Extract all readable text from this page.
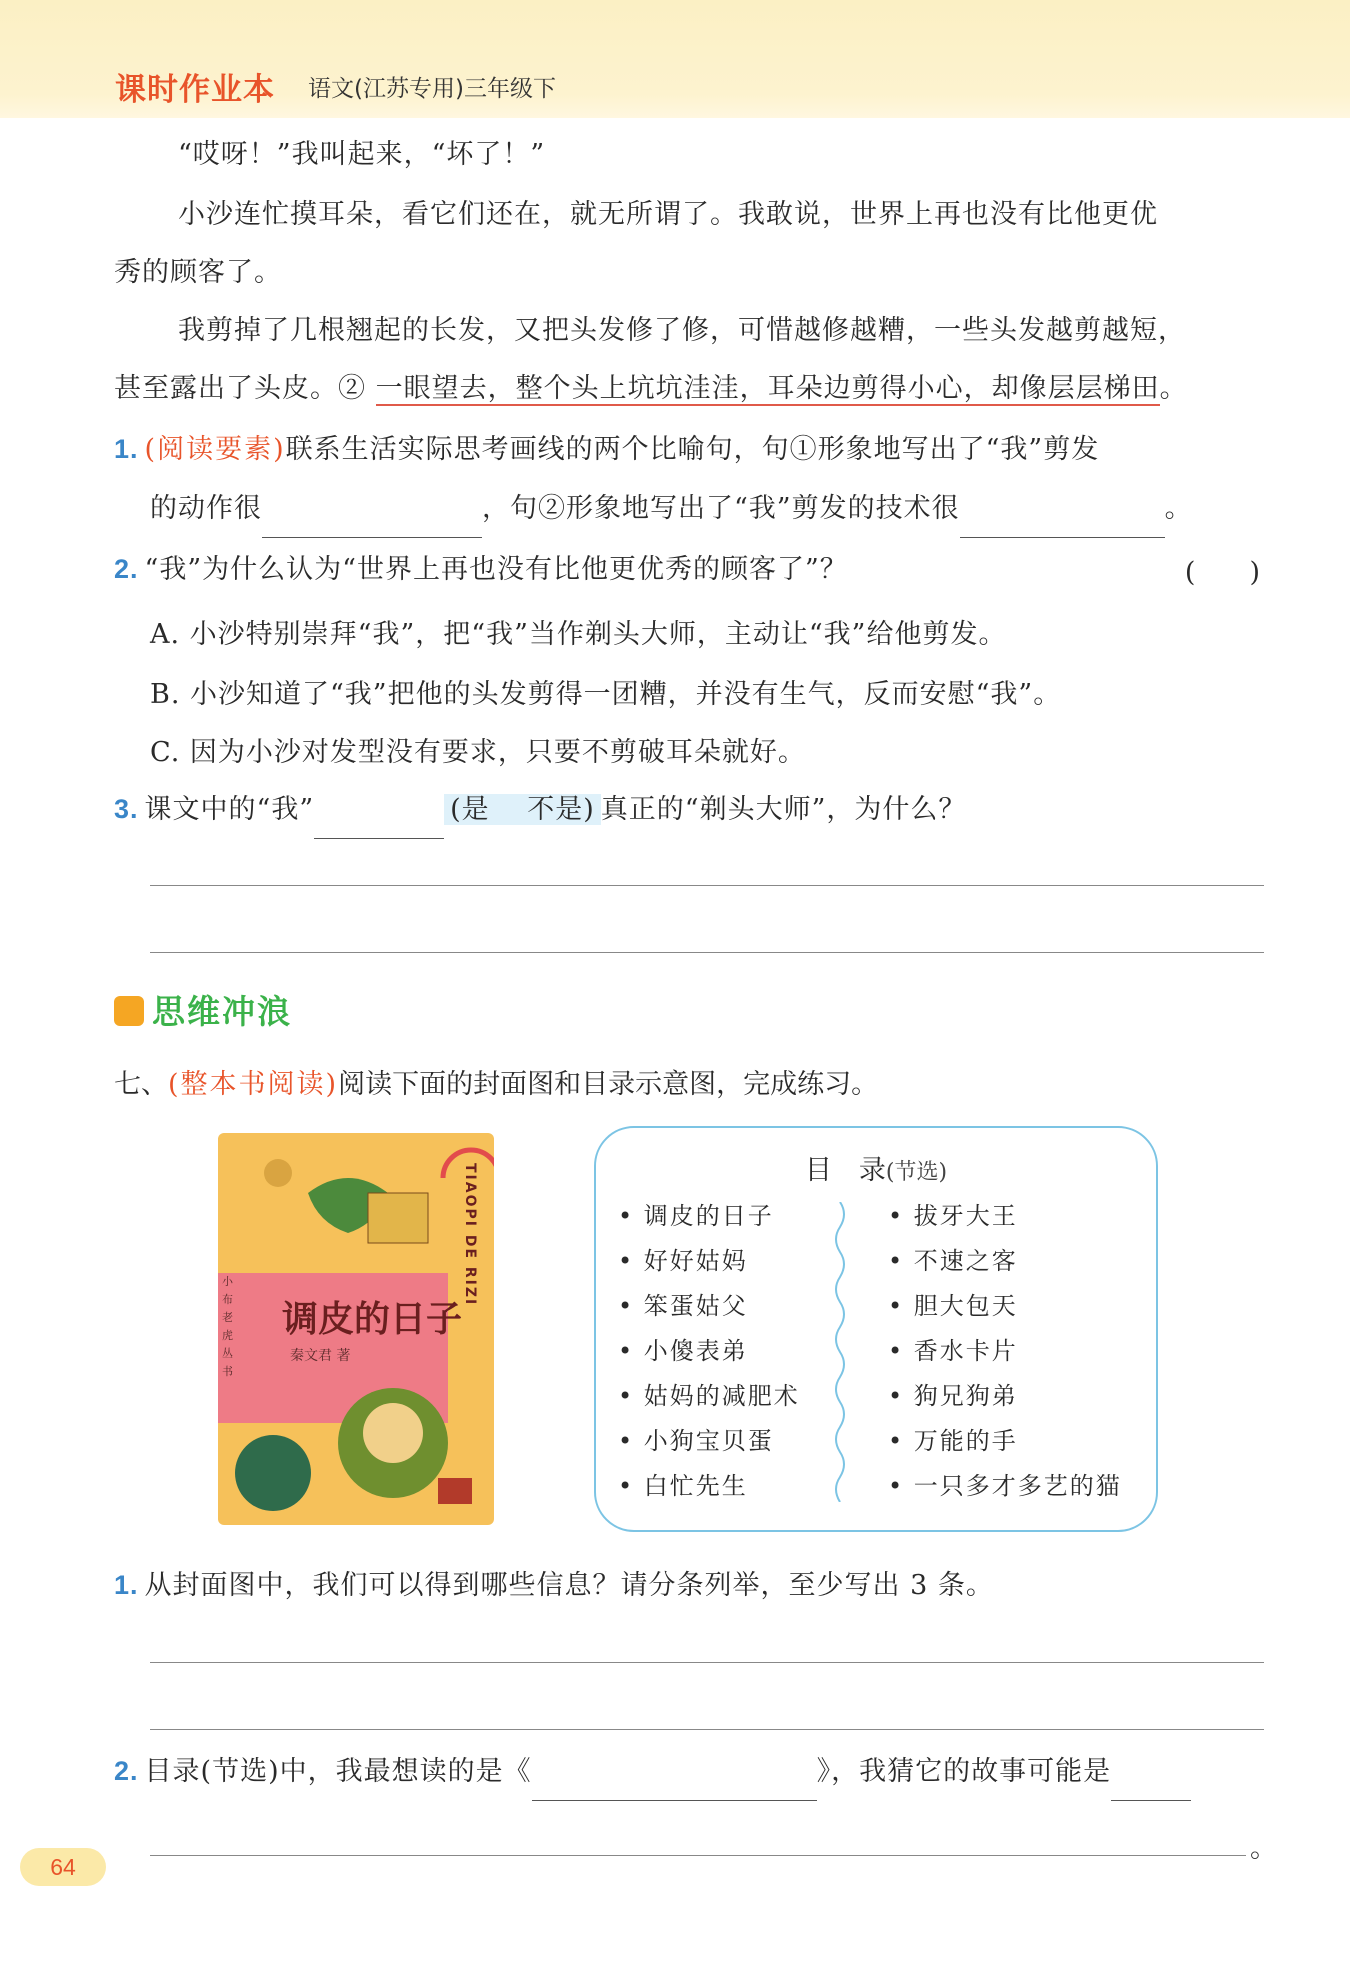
课时作业本 语文(江苏专用)三年级下
“哎呀！”我叫起来，“坏了！”
小沙连忙摸耳朵，看它们还在，就无所谓了。我敢说，世界上再也没有比他更优
秀的顾客了。
我剪掉了几根翘起的长发，又把头发修了修，可惜越修越糟，一些头发越剪越短，
甚至露出了头皮。② 一眼望去，整个头上坑坑洼洼，耳朵边剪得小心，却像层层梯田。
1. (阅读要素)联系生活实际思考画线的两个比喻句，句①形象地写出了“我”剪发
的动作很	，句②形象地写出了“我”剪发的技术很	。
2. “我”为什么认为“世界上再也没有比他更优秀的顾客了”？	(　　)
A. 小沙特别崇拜“我”，把“我”当作剃头大师，主动让“我”给他剪发。
B. 小沙知道了“我”把他的头发剪得一团糟，并没有生气，反而安慰“我”。
C. 因为小沙对发型没有要求，只要不剪破耳朵就好。
3. 课文中的“我”	(是　 不是) 真正的“剃头大师”，为什么？
思维冲浪
七、(整本书阅读)阅读下面的封面图和目录示意图，完成练习。
小布老虎丛书
调皮的日子
秦文君 著
TIAOPI DE RIZI	目　录(节选)
• 调皮的日子
• 好好姑妈
• 笨蛋姑父
• 小傻表弟
• 姑妈的减肥术
• 小狗宝贝蛋
• 白忙先生
• 拔牙大王
• 不速之客
• 胆大包天
• 香水卡片
• 狗兄狗弟
• 万能的手
• 一只多才多艺的猫
1. 从封面图中，我们可以得到哪些信息？请分条列举，至少写出 3 条。
2. 目录(节选)中，我最想读的是《	》，我猜它的故事可能是
。
64
